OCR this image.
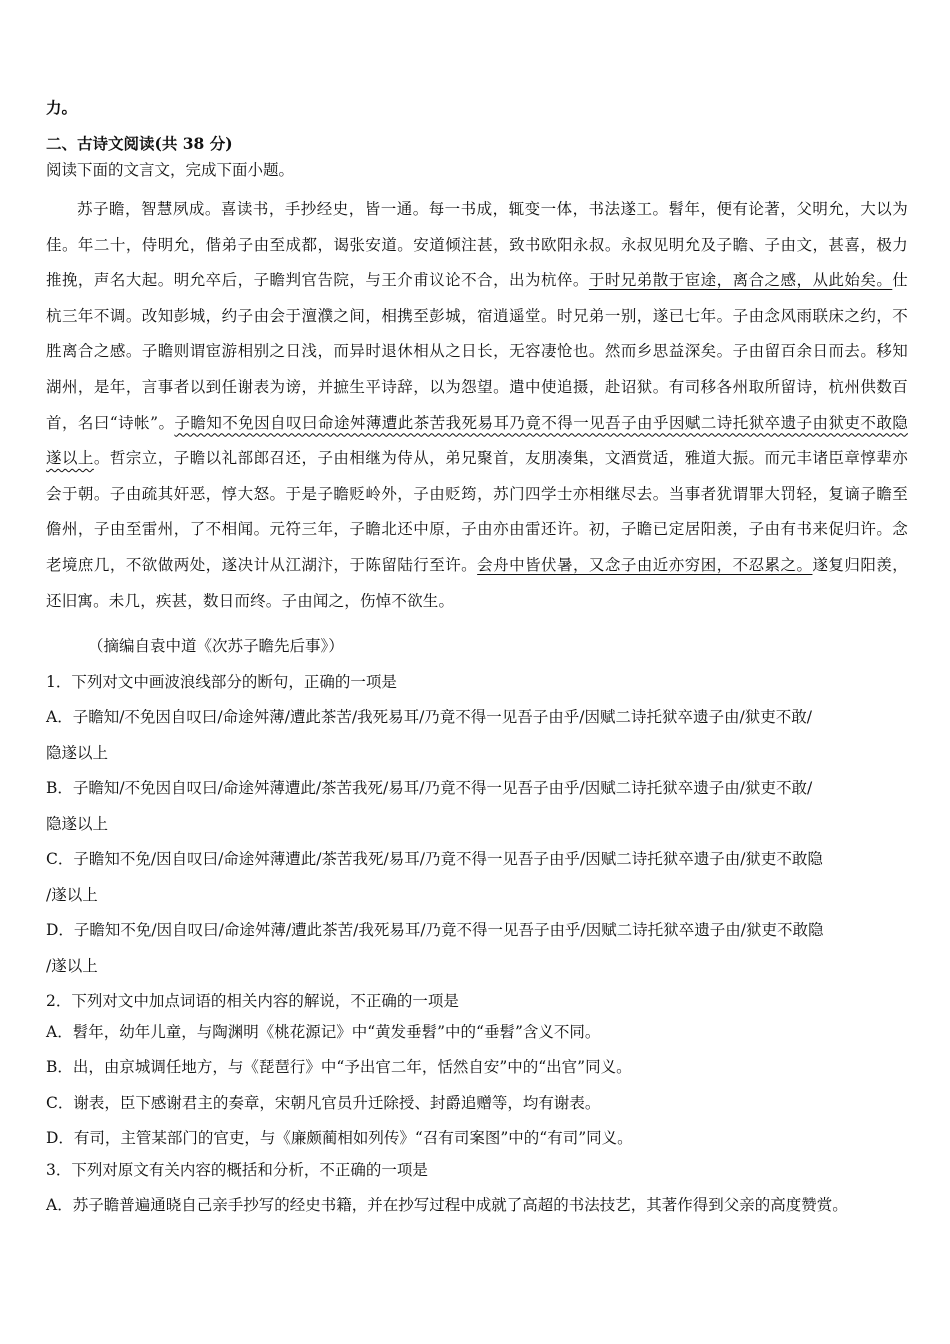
力。
二、古诗文阅读(共 38 分)
阅读下面的文言文，完成下面小题。
苏子瞻，智慧夙成。喜读书，手抄经史，皆一通。每一书成，辄变一体，书法遂工。髫年，便有论著，父明允，大以为佳。年二十，侍明允，偕弟子由至成都，谒张安道。安道倾注甚，致书欧阳永叔。永叔见明允及子瞻、子由文，甚喜，极力推挽，声名大起。明允卒后，子瞻判官告院，与王介甫议论不合，出为杭倅。于时兄弟散于宦途，离合之感，从此始矣。仕杭三年不调。改知彭城，约子由会于澶濮之间，相携至彭城，宿逍遥堂。时兄弟一别，遂已七年。子由念风雨联床之约，不胜离合之感。子瞻则谓宦游相别之日浅，而异时退休相从之日长，无容凄怆也。然而乡思益深矣。子由留百余日而去。移知湖州，是年，言事者以到任谢表为谤，并摭生平诗辞，以为怨望。遣中使追摄，赴诏狱。有司移各州取所留诗，杭州供数百首，名曰“诗帐”。子瞻知不免因自叹曰命途舛薄遭此茶苦我死易耳乃竟不得一见吾子由乎因赋二诗托狱卒遗子由狱吏不敢隐遂以上。哲宗立，子瞻以礼部郎召还，子由相继为侍从，弟兄聚首，友朋凑集，文酒赏适，雅道大振。而元丰诸臣章惇辈亦会于朝。子由疏其奸恶，惇大怒。于是子瞻贬岭外，子由贬筠，苏门四学士亦相继尽去。当事者犹谓罪大罚轻，复谪子瞻至儋州，子由至雷州，了不相闻。元符三年，子瞻北还中原，子由亦由雷还许。初，子瞻已定居阳羡，子由有书来促归许。念老境庶几，不欲做两处，遂决计从江湖汴，于陈留陆行至许。会舟中皆伏暑，又念子由近亦穷困，不忍累之。遂复归阳羡，还旧寓。未几，疾甚，数日而终。子由闻之，伤悼不欲生。
（摘编自袁中道《次苏子瞻先后事》）
1．下列对文中画波浪线部分的断句，正确的一项是
A．子瞻知/不免因自叹曰/命途舛薄/遭此茶苦/我死易耳/乃竟不得一见吾子由乎/因赋二诗托狱卒遗子由/狱吏不敢/
隐遂以上
B．子瞻知/不免因自叹曰/命途舛薄遭此/茶苦我死/易耳/乃竟不得一见吾子由乎/因赋二诗托狱卒遗子由/狱吏不敢/
隐遂以上
C．子瞻知不免/因自叹曰/命途舛薄遭此/茶苦我死/易耳/乃竟不得一见吾子由乎/因赋二诗托狱卒遗子由/狱吏不敢隐
/遂以上
D．子瞻知不免/因自叹曰/命途舛薄/遭此茶苦/我死易耳/乃竟不得一见吾子由乎/因赋二诗托狱卒遗子由/狱吏不敢隐
/遂以上
2．下列对文中加点词语的相关内容的解说，不正确的一项是
A．髫年，幼年儿童，与陶渊明《桃花源记》中“黄发垂髫”中的“垂髫”含义不同。
B．出，由京城调任地方，与《琵琶行》中“予出官二年，恬然自安”中的“出官”同义。
C．谢表，臣下感谢君主的奏章，宋朝凡官员升迁除授、封爵追赠等，均有谢表。
D．有司，主管某部门的官吏，与《廉颇蔺相如列传》“召有司案图”中的“有司”同义。
3．下列对原文有关内容的概括和分析，不正确的一项是
A．苏子瞻普遍通晓自己亲手抄写的经史书籍，并在抄写过程中成就了高超的书法技艺，其著作得到父亲的高度赞赏。
